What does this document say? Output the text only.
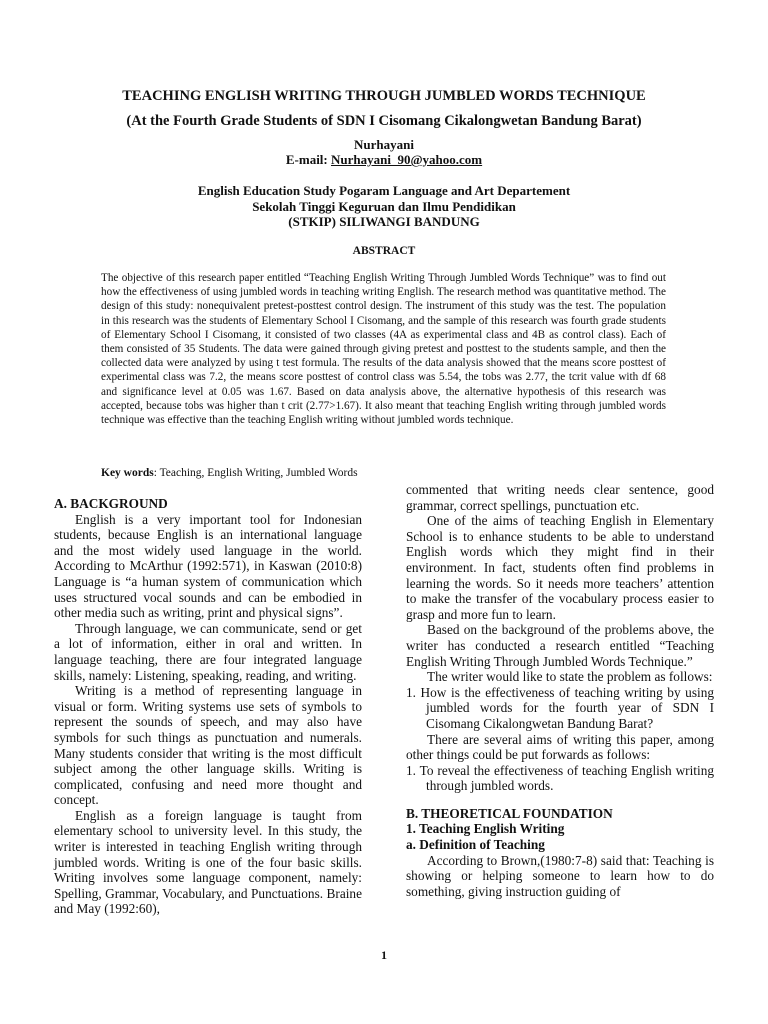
TEACHING ENGLISH WRITING THROUGH JUMBLED WORDS TECHNIQUE
(At the Fourth Grade Students of SDN I Cisomang Cikalongwetan Bandung Barat)
Nurhayani
E-mail: Nurhayani_90@yahoo.com
English Education Study Pogaram Language and Art Departement
Sekolah Tinggi Keguruan dan Ilmu Pendidikan
(STKIP) SILIWANGI BANDUNG
ABSTRACT
The objective of this research paper entitled “Teaching English Writing Through Jumbled Words Technique” was to find out how the effectiveness of using jumbled words in teaching writing English. The research method was quantitative method. The design of this study: nonequivalent pretest-posttest control design. The instrument of this study was the test. The population in this research was the students of Elementary School I Cisomang, and the sample of this research was fourth grade students of Elementary School I Cisomang, it consisted of two classes (4A as experimental class and 4B as control class). Each of them consisted of 35 Students. The data were gained through giving pretest and posttest to the students sample, and then the collected data were analyzed by using t test formula. The results of the data analysis showed that the means score posttest of experimental class was 7.2, the means score posttest of control class was 5.54, the tobs was 2.77, the tcrit value with df 68 and significance level at 0.05 was 1.67. Based on data analysis above, the alternative hypothesis of this research was accepted, because tobs was higher than t crit (2.77>1.67). It also meant that teaching English writing through jumbled words technique was effective than the teaching English writing without jumbled words technique.
Key words: Teaching, English Writing, Jumbled Words

A. BACKGROUND

English is a very important tool for Indonesian students, because English is an international language and the most widely used language in the world. According to McArthur (1992:571), in Kaswan (2010:8) Language is “a human system of communication which uses structured vocal sounds and can be embodied in other media such as writing, print and physical signs”.

Through language, we can communicate, send or get a lot of information, either in oral and written. In language teaching, there are four integrated language skills, namely: Listening, speaking, reading, and writing.

Writing is a method of representing language in visual or form. Writing systems use sets of symbols to represent the sounds of speech, and may also have symbols for such things as punctuation and numerals. Many students consider that writing is the most difficult subject among the other language skills. Writing is complicated, confusing and need more thought and concept.

English as a foreign language is taught from elementary school to university level. In this study, the writer is interested in teaching English writing through jumbled words. Writing is one of the four basic skills. Writing involves some language component, namely: Spelling, Grammar, Vocabulary, and Punctuations. Braine and May (1992:60),

commented that writing needs clear sentence, good grammar, correct spellings, punctuation etc.

One of the aims of teaching English in Elementary School is to enhance students to be able to understand English words which they might find in their environment. In fact, students often find problems in learning the words. So it needs more teachers’ attention to make the transfer of the vocabulary process easier to grasp and more fun to learn.

Based on the background of the problems above, the writer has conducted a research entitled “Teaching English Writing Through Jumbled Words Technique.”

The writer would like to state the problem as follows:

1. How is the effectiveness of teaching writing by using jumbled words for the fourth year of SDN I Cisomang Cikalongwetan Bandung Barat?

There are several aims of writing this paper, among other things could be put forwards as follows:

1. To reveal the effectiveness of teaching English writing through jumbled words.

B. THEORETICAL FOUNDATION

1. Teaching English Writing

a. Definition of Teaching

According to Brown,(1980:7-8) said that: Teaching is showing or helping someone to learn how to do something, giving instruction guiding of

1
